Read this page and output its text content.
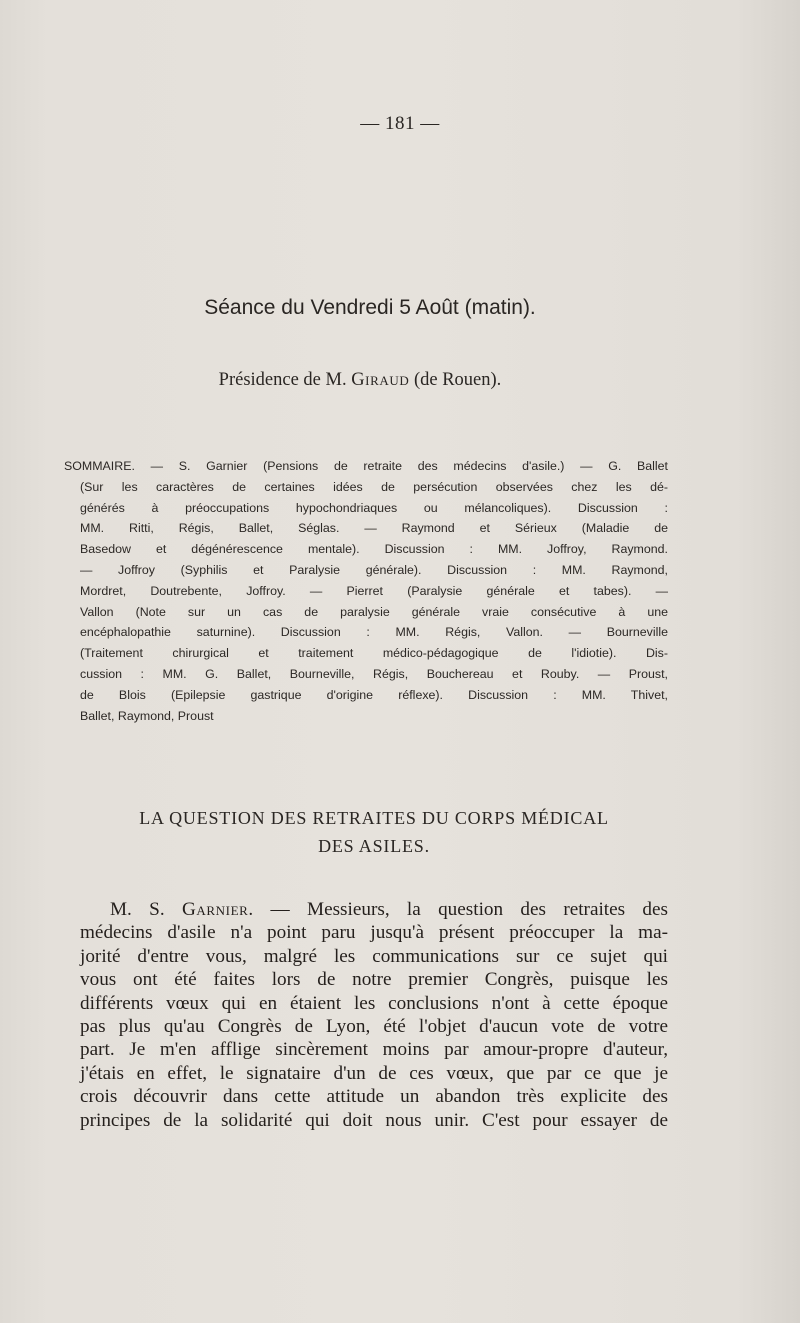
— 181 —
Séance du Vendredi 5 Août (matin).
Présidence de M. Giraud (de Rouen).
SOMMAIRE. — S. Garnier (Pensions de retraite des médecins d'asile.) — G. Ballet
(Sur les caractères de certaines idées de persécution observées chez les dé-
générés à préoccupations hypochondriaques ou mélancoliques). Discussion :
MM. Ritti, Régis, Ballet, Séglas. — Raymond et Sérieux (Maladie de
Basedow et dégénérescence mentale). Discussion : MM. Joffroy, Raymond.
— Joffroy (Syphilis et Paralysie générale). Discussion : MM. Raymond,
Mordret, Doutrebente, Joffroy. — Pierret (Paralysie générale et tabes). —
Vallon (Note sur un cas de paralysie générale vraie consécutive à une
encéphalopathie saturnine). Discussion : MM. Régis, Vallon. — Bourneville
(Traitement chirurgical et traitement médico-pédagogique de l'idiotie). Dis-
cussion : MM. G. Ballet, Bourneville, Régis, Bouchereau et Rouby. — Proust,
de Blois (Epilepsie gastrique d'origine réflexe). Discussion : MM. Thivet,
Ballet, Raymond, Proust
LA QUESTION DES RETRAITES DU CORPS MÉDICAL
DES ASILES.
M. S. Garnier. — Messieurs, la question des retraites des
médecins d'asile n'a point paru jusqu'à présent préoccuper la ma-
jorité d'entre vous, malgré les communications sur ce sujet qui
vous ont été faites lors de notre premier Congrès, puisque les
différents vœux qui en étaient les conclusions n'ont à cette époque
pas plus qu'au Congrès de Lyon, été l'objet d'aucun vote de votre
part. Je m'en afflige sincèrement moins par amour-propre d'auteur,
j'étais en effet, le signataire d'un de ces vœux, que par ce que je
crois découvrir dans cette attitude un abandon très explicite des
principes de la solidarité qui doit nous unir. C'est pour essayer de
